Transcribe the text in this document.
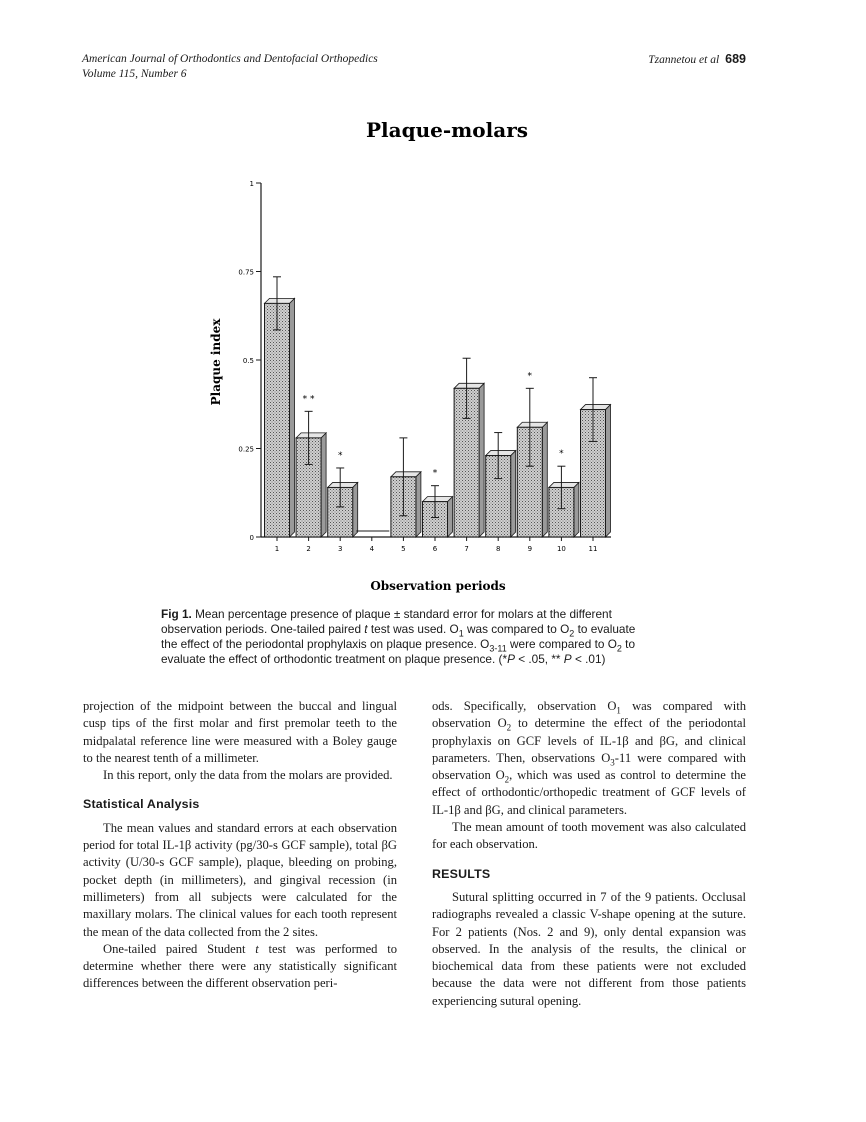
American Journal of Orthodontics and Dentofacial Orthopedics
Volume 115, Number 6
Tzannetou et al 689
Plaque-molars
0
0.25
0.5
0.75
1
Plaque index
1	2
* *
3
*
4	5	6
*
7	8	9
*
10
*
11
Observation periods
Fig 1. Mean percentage presence of plaque ± standard error for molars at the different
observation periods. One-tailed paired t test was used. $O_1$ was compared to $O_2$ to evaluate
the effect of the periodontal prophylaxis on plaque presence. $O_{3-11}$ were compared to $O_2$ to
evaluate the effect of orthodontic treatment on plaque presence. (*P < .05, ** P < .01)

projection of the midpoint between the buccal and lingual cusp tips of the first molar and first premolar teeth to the midpalatal reference line were measured with a Boley gauge to the nearest tenth of a millimeter.

In this report, only the data from the molars are provided.

Statistical Analysis

The mean values and standard errors at each observation period for total IL-1β activity (pg/30-s GCF sample), total βG activity (U/30-s GCF sample), plaque, bleeding on probing, pocket depth (in millimeters), and gingival recession (in millimeters) from all subjects were calculated for the maxillary molars. The clinical values for each tooth represent the mean of the data collected from the 2 sites.

One-tailed paired Student t test was performed to determine whether there were any statistically significant differences between the different observation peri-

ods. Specifically, observation $O_1$ was compared with observation $O_2$ to determine the effect of the periodontal prophylaxis on GCF levels of IL-1β and βG, and clinical parameters. Then, observations $O_3-11$ were compared with observation $O_2$, which was used as control to determine the effect of orthodontic/orthopedic treatment of GCF levels of IL-1β and βG, and clinical parameters.

The mean amount of tooth movement was also calculated for each observation.

RESULTS

Sutural splitting occurred in 7 of the 9 patients. Occlusal radiographs revealed a classic V-shape opening at the suture. For 2 patients (Nos. 2 and 9), only dental expansion was observed. In the analysis of the results, the clinical or biochemical data from these patients were not excluded because the data were not different from those patients experiencing sutural opening.
